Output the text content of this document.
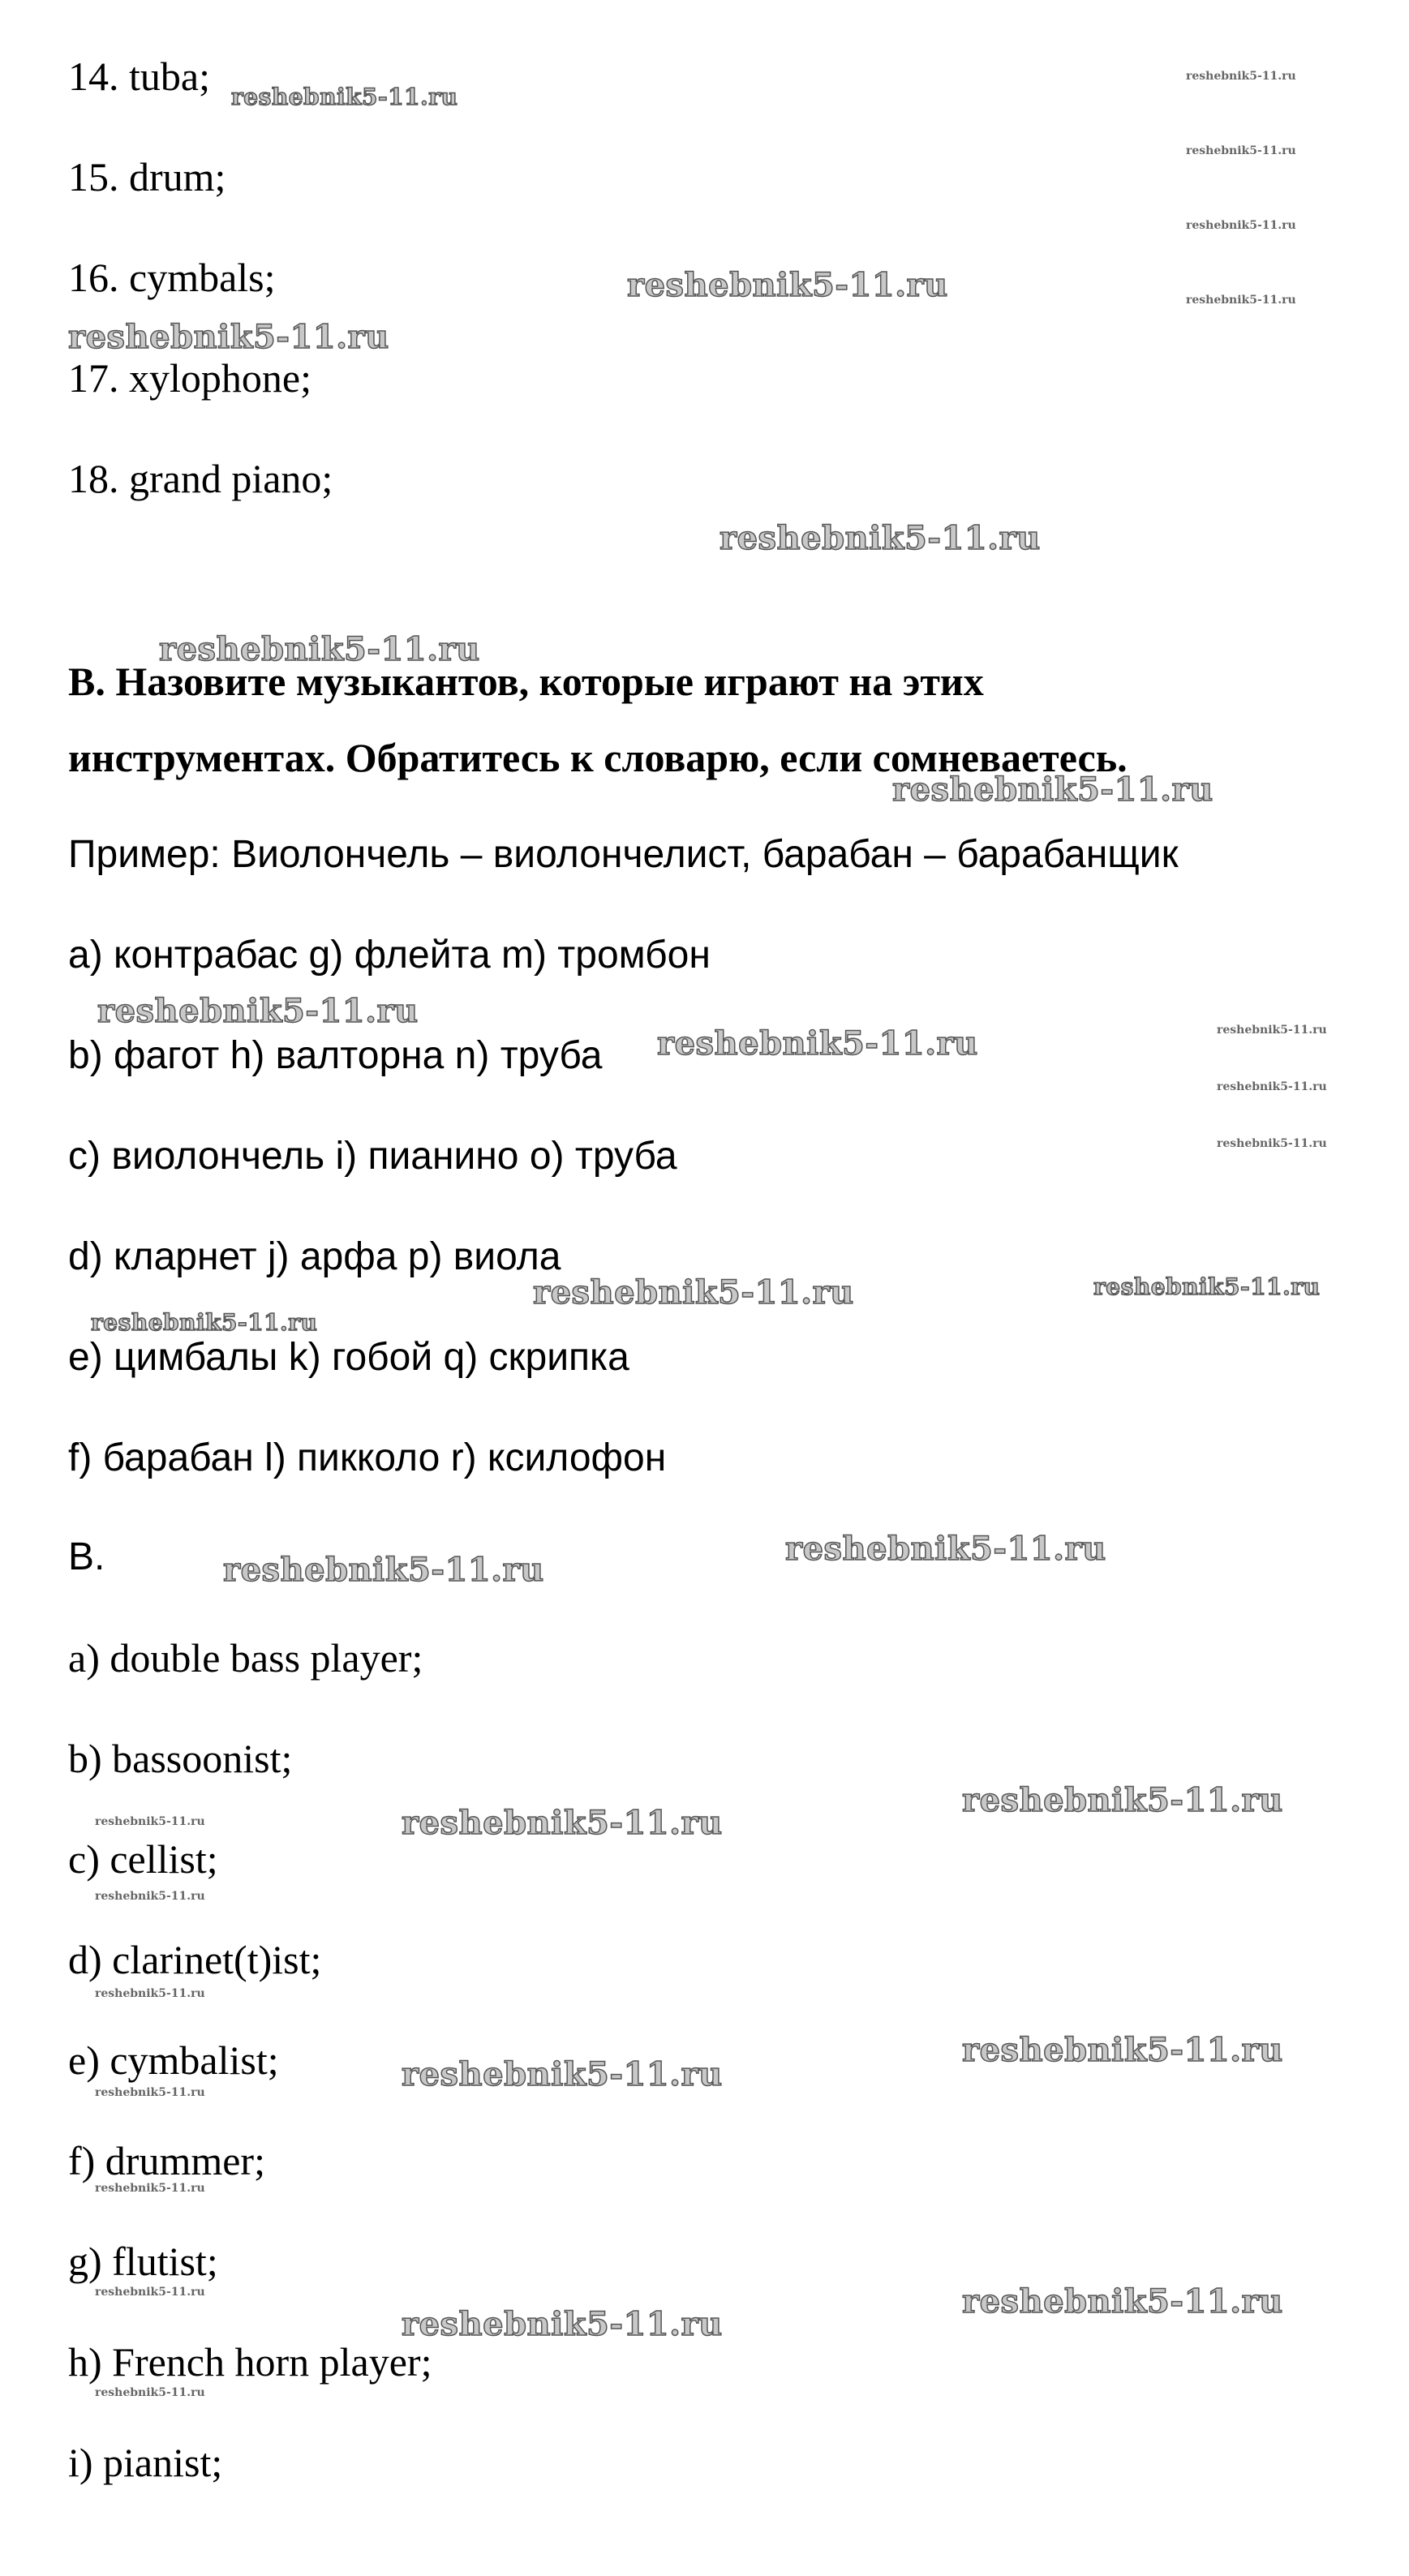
14. tuba;
15. drum;
16. cymbals;
17. xylophone;
18. grand piano;
B. Назовите музыкантов, которые играют на этих
инструментах. Обратитесь к словарю, если сомневаетесь.
Пример: Виолончель – виолончелист, барабан – барабанщик
a) контрабас g) флейта m) тромбон
b) фагот h) валторна n) труба
c) виолончель i) пианино o) труба
d) кларнет j) арфа p) виола
e) цимбалы k) гобой q) скрипка
f) барабан l) пикколо r) ксилофон
B.
a) double bass player;
b) bassoonist;
c) cellist;
d) clarinet(t)ist;
e) cymbalist;
f) drummer;
g) flutist;
h) French horn player;
i) pianist;
reshebnik5-11.ru
reshebnik5-11.ru
reshebnik5-11.ru
reshebnik5-11.ru
reshebnik5-11.ru
reshebnik5-11.ru
reshebnik5-11.ru
reshebnik5-11.ru
reshebnik5-11.ru
reshebnik5-11.ru
reshebnik5-11.ru
reshebnik5-11.ru	reshebnik5-11.ru
reshebnik5-11.ru
reshebnik5-11.ru
reshebnik5-11.ru	reshebnik5-11.ru
reshebnik5-11.ru
reshebnik5-11.ru
reshebnik5-11.ru
reshebnik5-11.ru
reshebnik5-11.ru
reshebnik5-11.ru
reshebnik5-11.ru
reshebnik5-11.ru
reshebnik5-11.ru
reshebnik5-11.ru
reshebnik5-11.ru
reshebnik5-11.ru
reshebnik5-11.ru
reshebnik5-11.ru
reshebnik5-11.ru
reshebnik5-11.ru
